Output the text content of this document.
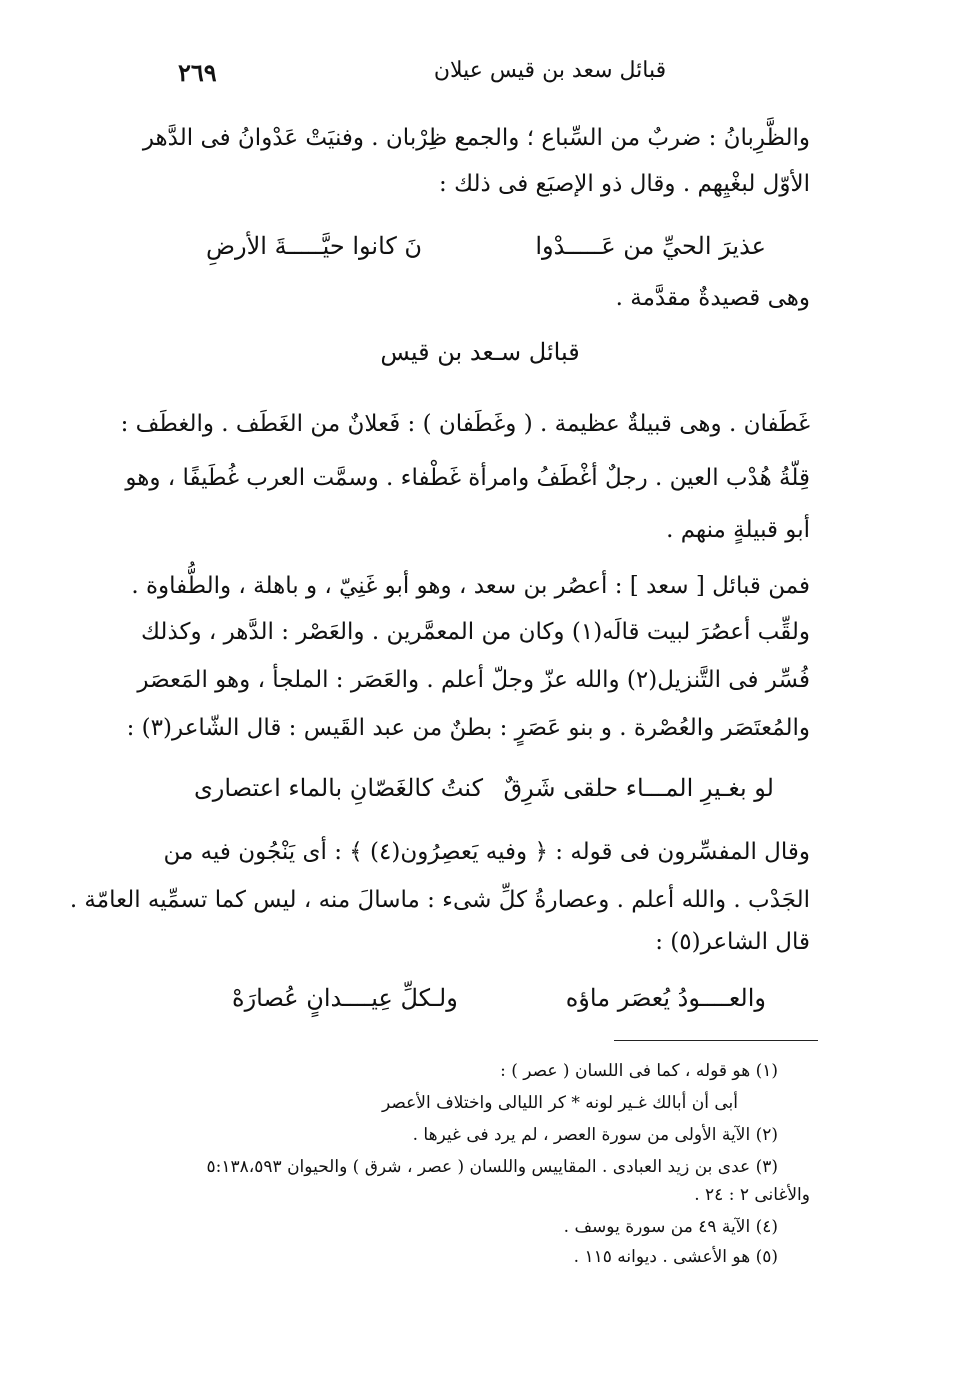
٢٦٩	قبائل سعد بن قيس عيلان
والظَّرِبانُ : ضربٌ من السِّباع ؛ والجمع ظِرْبان . وفنيَتْ عَدْوانُ فى الدَّهر
الأوّل لبغْيِهم . وقال ذو الإصبَع فى ذلك :
عذيرَ الحيِّ من عَـــــدْوا
نَ كانوا حيَّـــــةَ الأرضِ
وهى قصيدةٌ مقدَّمة .
قبائل سـعد بن قيس
غَطَفان . وهى قبيلةٌ عظيمة . ( وغَطَفان ) : فَعلانٌ من الغَطَف . والغطَف :
قِلّةُ هُدْب العين . رجلٌ أغْطَفُ وامرأة غَطْفاء . وسمَّت العرب غُطَيفًا ، وهو
أبو قبيلةٍ منهم .
فمن قبائل [ سعد ] : أعصُر بن سعد ، وهو أبو غَنِيّ ، و باهلة ، والطُّفاوة .
ولقِّب أعصُرَ لبيت قالَه(١) وكان من المعمَّرين . والعَصْر : الدَّهر ، وكذلك
فُسِّر فى التَّنزيل(٢) والله عزّ وجلّ أعلم . والعَصَر : الملجأ ، وهو المَعصَر
والمُعتَصَر والعُصْرة . و بنو عَصَرٍ : بطنٌ من عبد القَيس : قال الشّاعر(٣) :
لو بغـيرِ المـــاء حلقى شَرِقٌ
كنتُ كالغَصّانِ بالماء اعتصارى
وقال المفسِّرون فى قوله : ﴿ وفيه يَعصِرُون(٤) ﴾ : أى يَنْجُون فيه من
الجَدْب . والله أعلم . وعصارةُ كلِّ شىء : ماسالَ منه ، ليس كما تسمِّيه العامّة .
قال الشاعر(٥) :
والعــــودُ يُعصَر ماؤه
ولـكلِّ عِيــــدانٍ عُصارَهْ
(١) هو قوله ، كما فى اللسان ( عصر ) :
أبى أن أبالك غـير لونه * كر الليالى واختلاف الأعصر
(٢) الآية الأولى من سورة العصر ، لم يرد فى غيرها .
(٣) عدى بن زيد العبادى . المقاييس واللسان ( عصر ، شرق ) والحيوان ٥:١٣٨،٥٩٣
والأغانى ٢ : ٢٤ .
(٤) الآية ٤٩ من سورة يوسف .
(٥) هو الأعشى . ديوانه ١١٥ .
